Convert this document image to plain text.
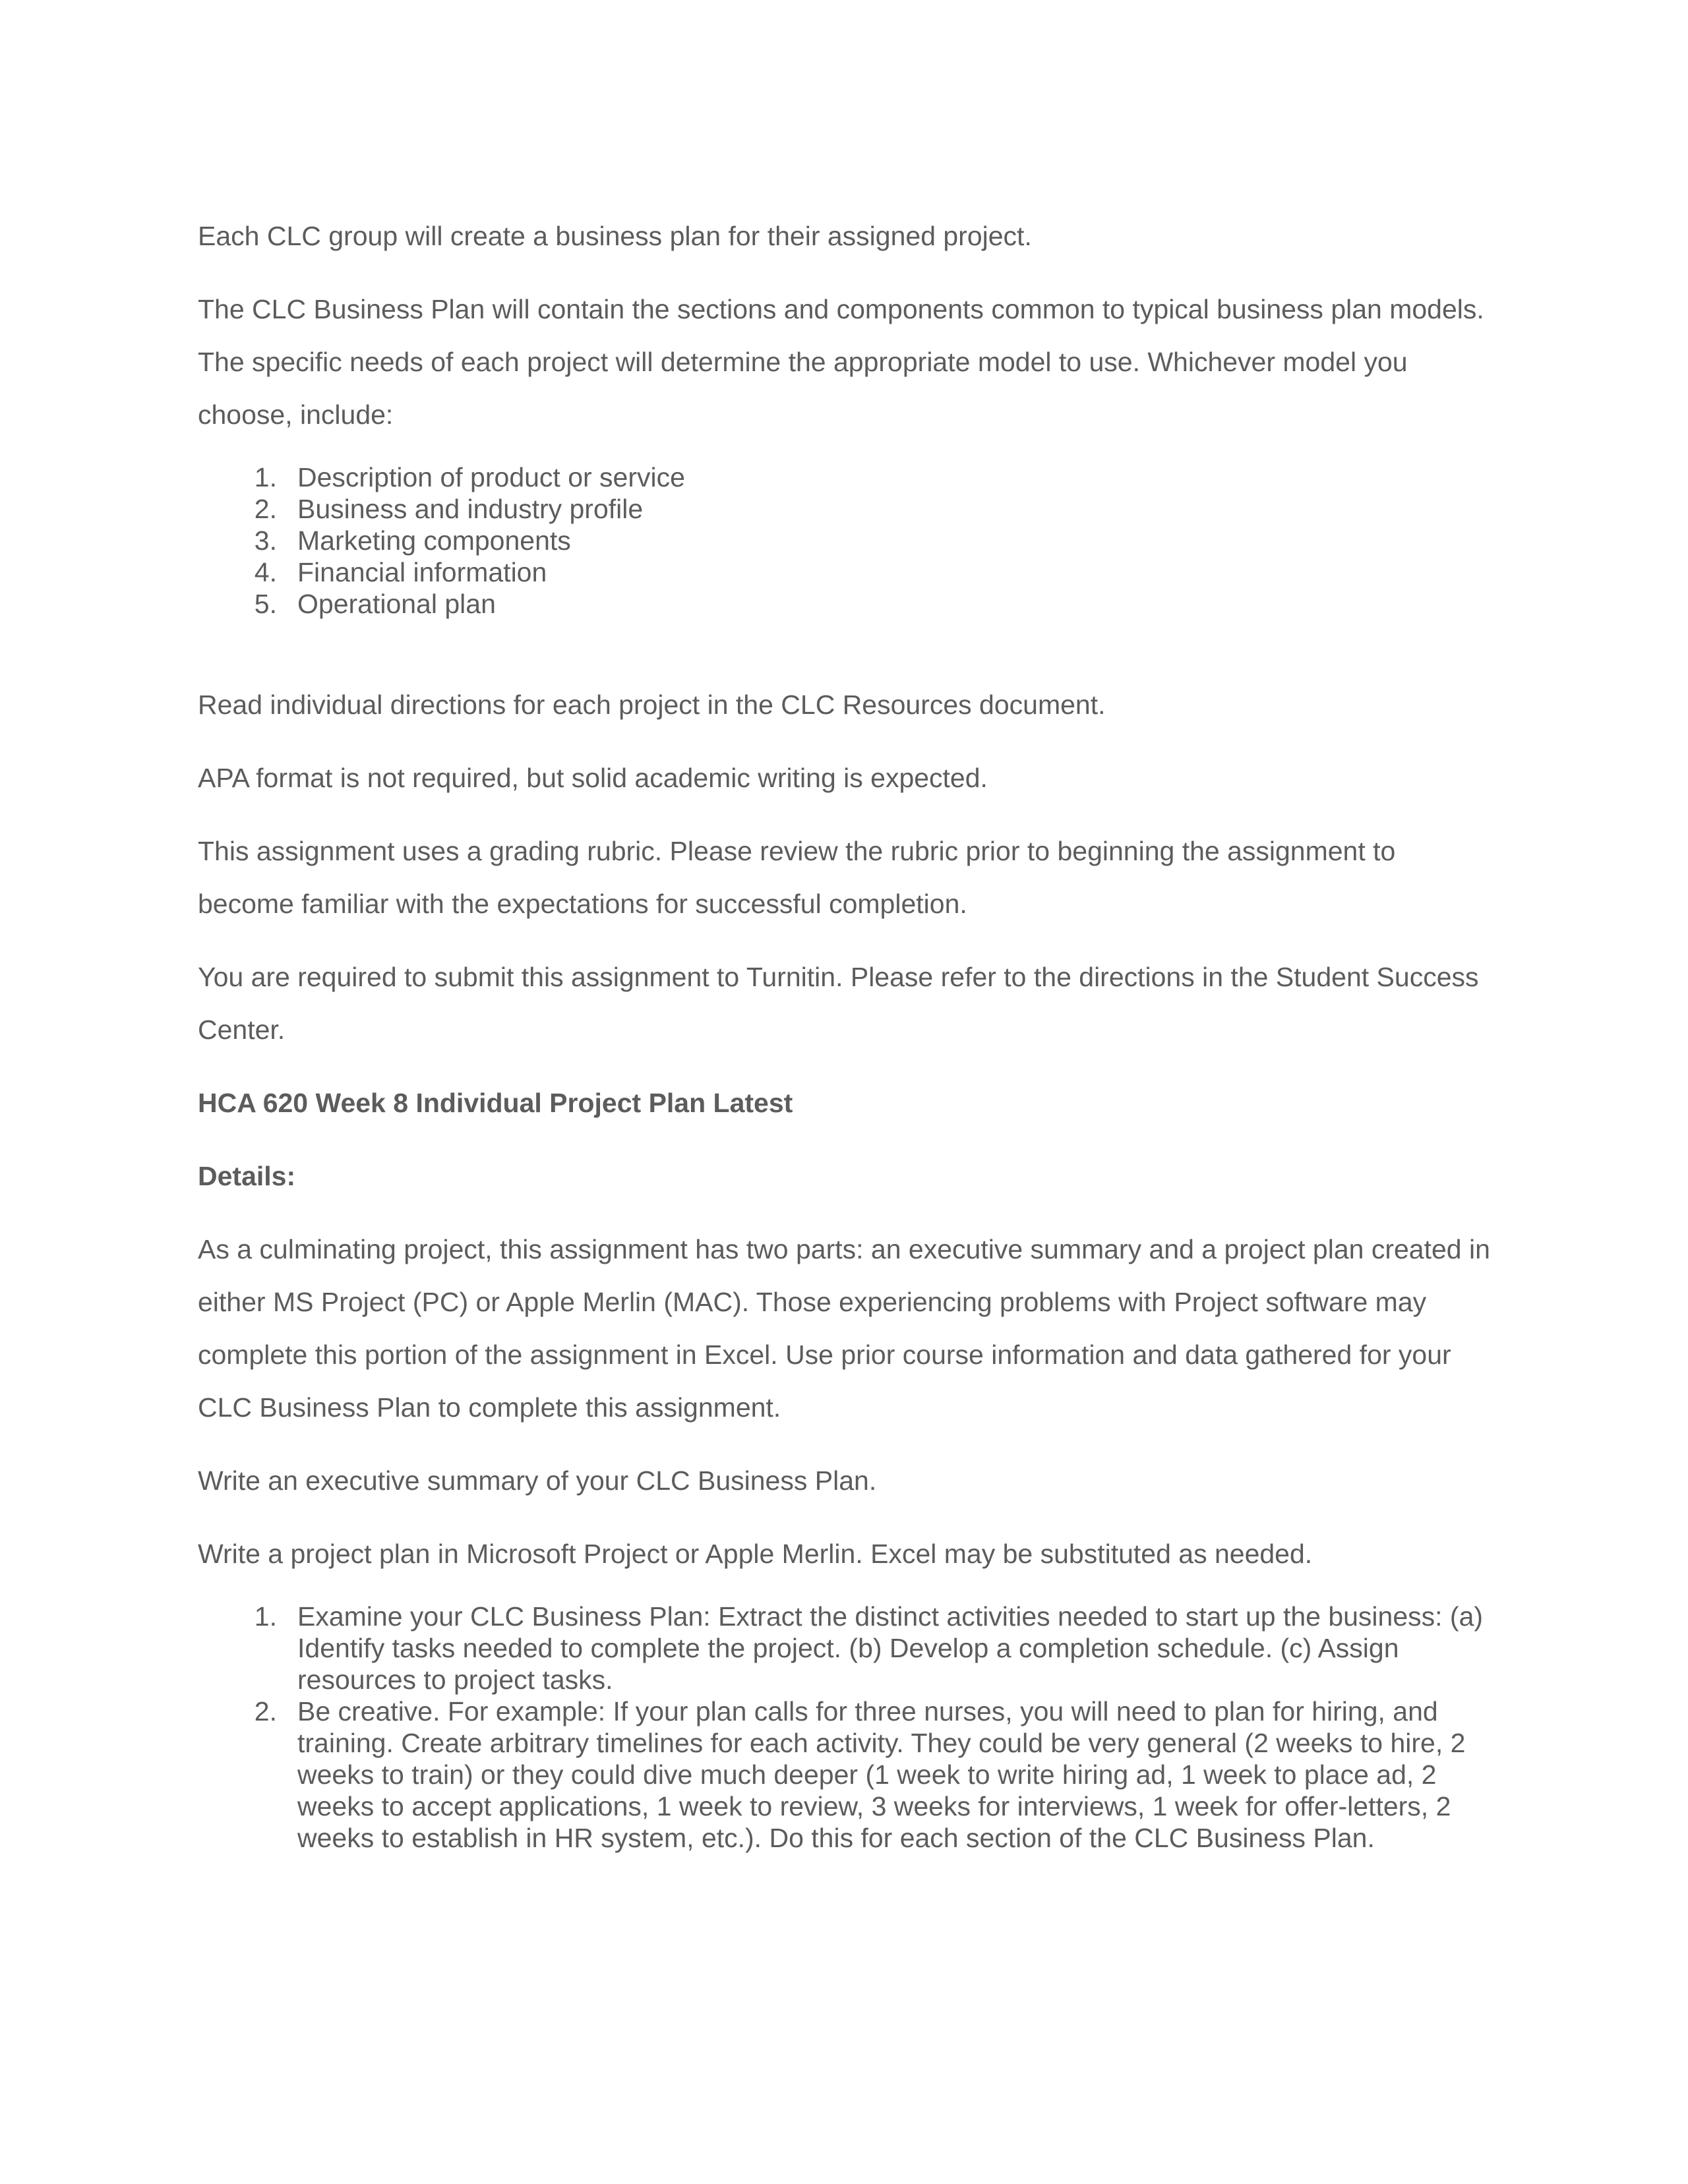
Each CLC group will create a business plan for their assigned project.

The CLC Business Plan will contain the sections and components common to typical business plan models. The specific needs of each project will determine the appropriate model to use. Whichever model you choose, include:

1. Description of product or service
2. Business and industry profile
3. Marketing components
4. Financial information
5. Operational plan

Read individual directions for each project in the CLC Resources document.

APA format is not required, but solid academic writing is expected.

This assignment uses a grading rubric. Please review the rubric prior to beginning the assignment to become familiar with the expectations for successful completion.

You are required to submit this assignment to Turnitin. Please refer to the directions in the Student Success Center.

HCA 620 Week 8 Individual Project Plan Latest

Details:

As a culminating project, this assignment has two parts: an executive summary and a project plan created in either MS Project (PC) or Apple Merlin (MAC). Those experiencing problems with Project software may complete this portion of the assignment in Excel. Use prior course information and data gathered for your CLC Business Plan to complete this assignment.

Write an executive summary of your CLC Business Plan.

Write a project plan in Microsoft Project or Apple Merlin. Excel may be substituted as needed.

1. Examine your CLC Business Plan: Extract the distinct activities needed to start up the business: (a) Identify tasks needed to complete the project. (b) Develop a completion schedule. (c) Assign resources to project tasks.
2. Be creative. For example: If your plan calls for three nurses, you will need to plan for hiring, and training. Create arbitrary timelines for each activity. They could be very general (2 weeks to hire, 2 weeks to train) or they could dive much deeper (1 week to write hiring ad, 1 week to place ad, 2 weeks to accept applications, 1 week to review, 3 weeks for interviews, 1 week for offer-letters, 2 weeks to establish in HR system, etc.). Do this for each section of the CLC Business Plan.
